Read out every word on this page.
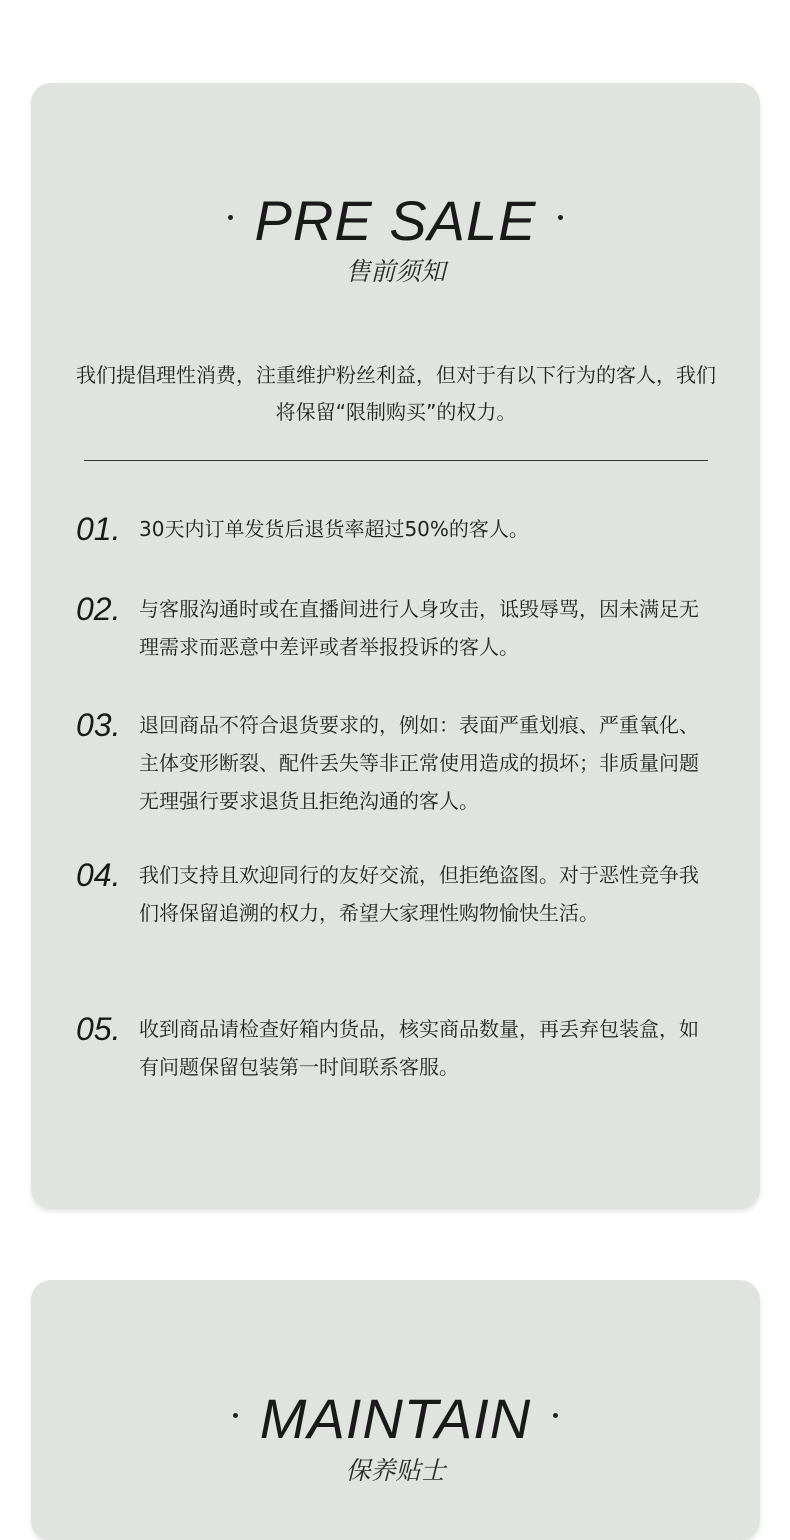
PRE SALE
售前须知
我们提倡理性消费，注重维护粉丝利益，但对于有以下行为的客人，我们将保留“限制购买”的权力。
01. 30天内订单发货后退货率超过50%的客人。
02. 与客服沟通时或在直播间进行人身攻击，诋毁辱骂，因未满足无理需求而恶意中差评或者举报投诉的客人。
03. 退回商品不符合退货要求的，例如：表面严重划痕、严重氧化、主体变形断裂、配件丢失等非正常使用造成的损坏；非质量问题无理强行要求退货且拒绝沟通的客人。
04. 我们支持且欢迎同行的友好交流，但拒绝盗图。对于恶性竞争我们将保留追溯的权力，希望大家理性购物愉快生活。
05. 收到商品请检查好箱内货品，核实商品数量，再丢弃包装盒，如有问题保留包装第一时间联系客服。
MAINTAIN
保养贴士
